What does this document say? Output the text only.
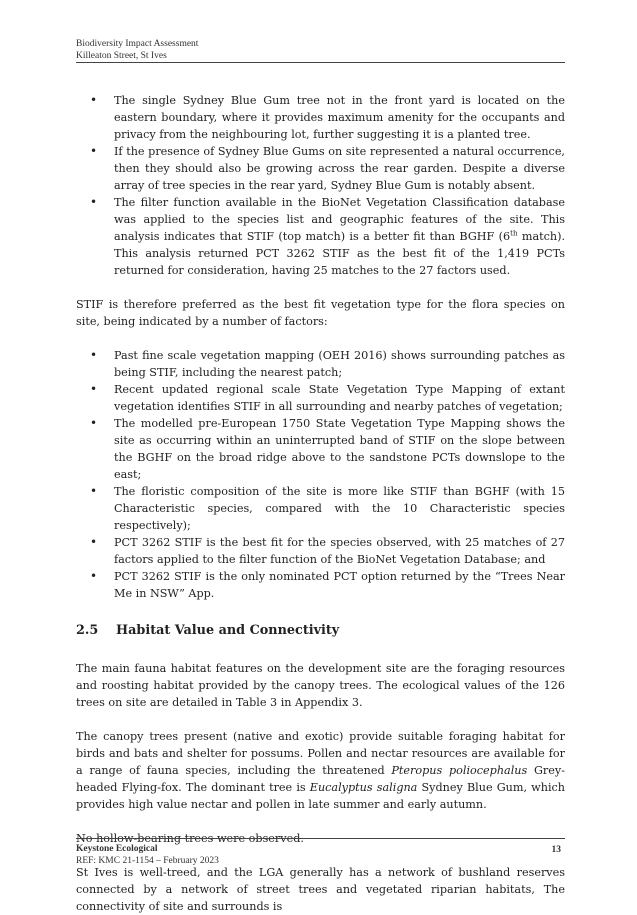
Biodiversity Impact Assessment
Killeaton Street, St Ives
• The single Sydney Blue Gum tree not in the front yard is located on the eastern boundary, where it provides maximum amenity for the occupants and privacy from the neighbouring lot, further suggesting it is a planted tree.
• If the presence of Sydney Blue Gums on site represented a natural occurrence, then they should also be growing across the rear garden. Despite a diverse array of tree species in the rear yard, Sydney Blue Gum is notably absent.
• The filter function available in the BioNet Vegetation Classification database was applied to the species list and geographic features of the site. This analysis indicates that STIF (top match) is a better fit than BGHF (6th match). This analysis returned PCT 3262 STIF as the best fit of the 1,419 PCTs returned for consideration, having 25 matches to the 27 factors used.

STIF is therefore preferred as the best fit vegetation type for the flora species on site, being indicated by a number of factors:

• Past fine scale vegetation mapping (OEH 2016) shows surrounding patches as being STIF, including the nearest patch;
• Recent updated regional scale State Vegetation Type Mapping of extant vegetation identifies STIF in all surrounding and nearby patches of vegetation;
• The modelled pre-European 1750 State Vegetation Type Mapping shows the site as occurring within an uninterrupted band of STIF on the slope between the BGHF on the broad ridge above to the sandstone PCTs downslope to the east;
• The floristic composition of the site is more like STIF than BGHF (with 15 Characteristic species, compared with the 10 Characteristic species respectively);
• PCT 3262 STIF is the best fit for the species observed, with 25 matches of 27 factors applied to the filter function of the BioNet Vegetation Database; and
• PCT 3262 STIF is the only nominated PCT option returned by the “Trees Near Me in NSW” App.
2.5	Habitat Value and Connectivity

The main fauna habitat features on the development site are the foraging resources and roosting habitat provided by the canopy trees. The ecological values of the 126 trees on site are detailed in Table 3 in Appendix 3.

The canopy trees present (native and exotic) provide suitable foraging habitat for birds and bats and shelter for possums. Pollen and nectar resources are available for a range of fauna species, including the threatened Pteropus poliocephalus Grey-headed Flying-fox. The dominant tree is Eucalyptus saligna Sydney Blue Gum, which provides high value nectar and pollen in late summer and early autumn.

No hollow-bearing trees were observed.

St Ives is well-treed, and the LGA generally has a network of bushland reserves connected by a network of street trees and vegetated riparian habitats, The connectivity of site and surrounds is

Keystone Ecological
REF: KMC 21-1154 – February 2023
13
